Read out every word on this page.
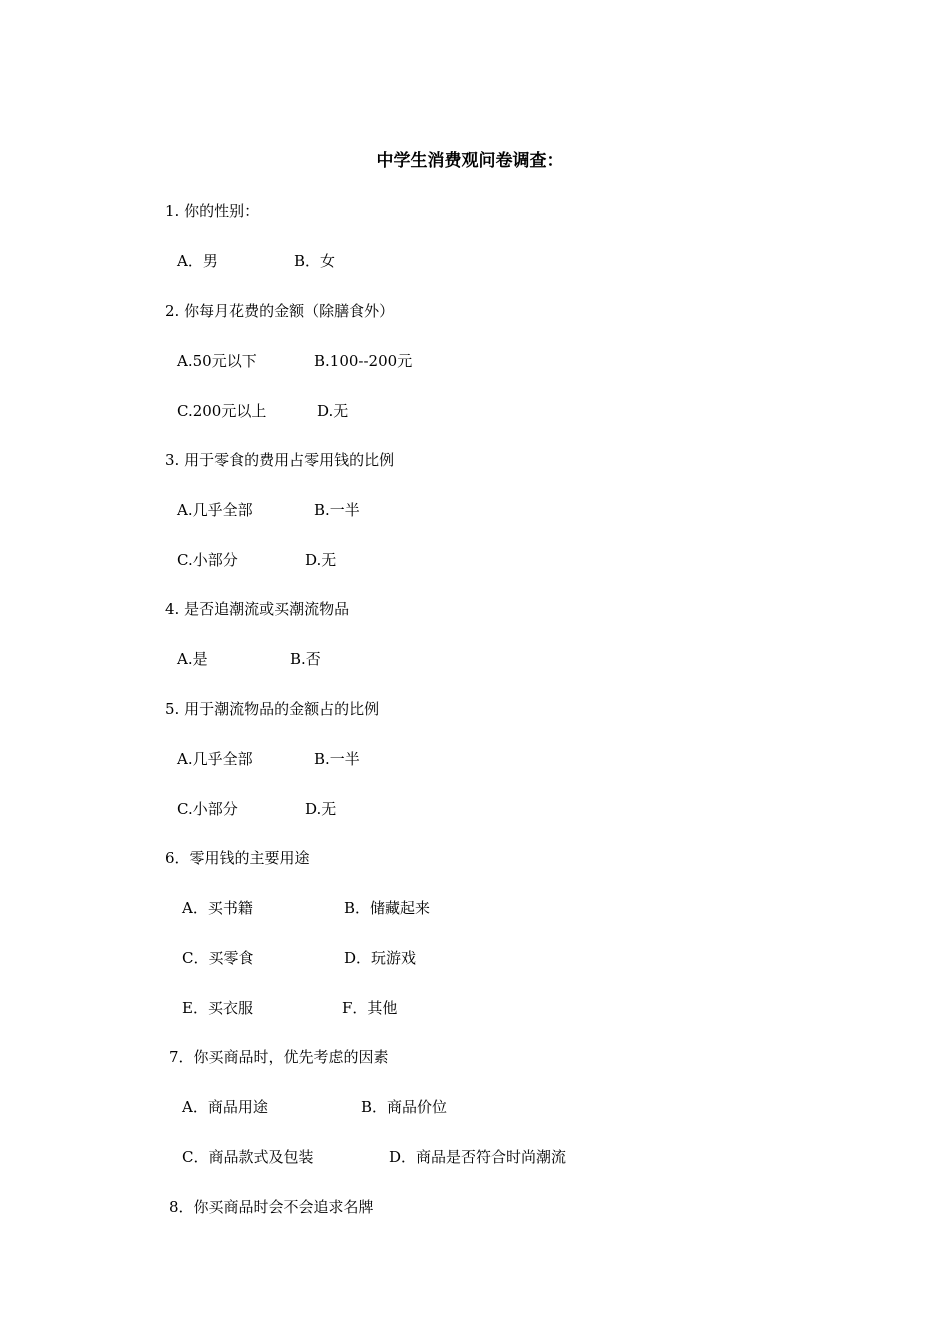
中学生消费观问卷调查：
1. 你的性别：
A．男	B．女
2. 你每月花费的金额（除膳食外）
A.50元以下	B.100--200元
C.200元以上	D.无
3. 用于零食的费用占零用钱的比例
A.几乎全部	B.一半
C.小部分	D.无
4. 是否追潮流或买潮流物品
A.是	B.否
5. 用于潮流物品的金额占的比例
A.几乎全部	B.一半
C.小部分	D.无
6．零用钱的主要用途
A．买书籍	B．储藏起来
C．买零食	D．玩游戏
E．买衣服	F．其他
7．你买商品时，优先考虑的因素
A．商品用途	B．商品价位
C．商品款式及包装	D．商品是否符合时尚潮流
8．你买商品时会不会追求名牌
